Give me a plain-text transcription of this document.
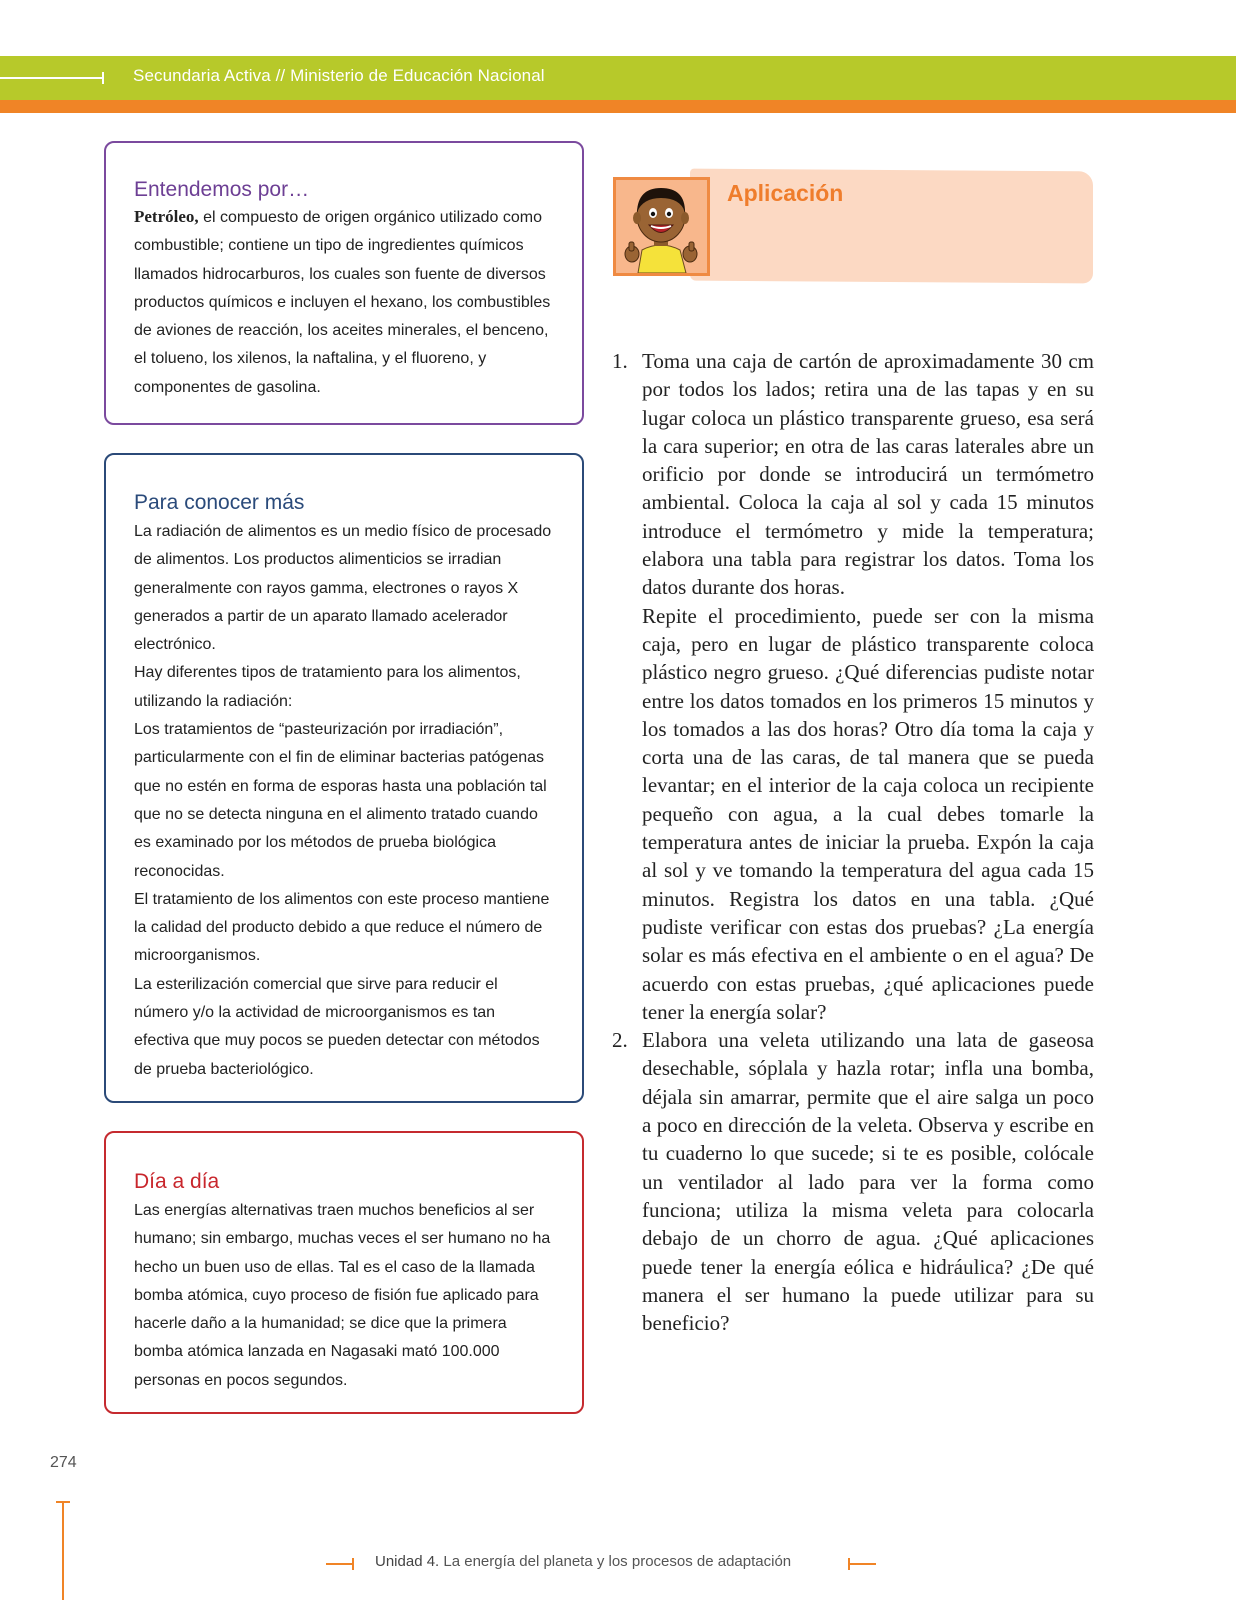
Secundaria Activa // Ministerio de Educación Nacional
Entendemos por…
Petróleo, el compuesto de origen orgánico utilizado como combustible; contiene un tipo de ingredientes químicos llamados hidrocarburos, los cuales son fuente de diversos productos químicos e incluyen el hexano, los combustibles de aviones de reacción, los aceites minerales, el benceno, el tolueno, los xilenos, la naftalina, y el fluoreno, y componentes de gasolina.
Para conocer más
La radiación de alimentos es un medio físico de procesado de alimentos. Los productos alimenticios se irradian generalmente con rayos gamma, electrones o rayos X generados a partir de un aparato llamado acelerador electrónico.
Hay diferentes tipos de tratamiento para los alimentos, utilizando la radiación:
Los tratamientos de “pasteurización por irradiación”, particularmente con el fin de eliminar bacterias patógenas que no estén en forma de esporas hasta una población tal que no se detecta ninguna en el alimento tratado cuando es examinado por los métodos de prueba biológica reconocidas.
El tratamiento de los alimentos con este proceso mantiene la calidad del producto debido a que reduce el número de microorganismos.
La esterilización comercial que sirve para reducir el número y/o la actividad de microorganismos es tan efectiva que muy pocos se pueden detectar con métodos de prueba bacteriológico.
Día a día
Las energías alternativas traen muchos beneficios al ser humano; sin embargo, muchas veces el ser humano no ha hecho un buen uso de ellas. Tal es el caso de la llamada bomba atómica, cuyo proceso de fisión fue aplicado para hacerle daño a la humanidad; se dice que la primera bomba atómica lanzada en Nagasaki mató 100.000 personas en pocos segundos.
Aplicación
1. Toma una caja de cartón de aproximadamente 30 cm por todos los lados; retira una de las tapas y en su lugar coloca un plástico transparente grueso, esa será la cara superior; en otra de las caras laterales abre un orificio por donde se introducirá un termómetro ambiental. Coloca la caja al sol y cada 15 minutos introduce el termómetro y mide la temperatura; elabora una tabla para registrar los datos. Toma los datos durante dos horas.

Repite el procedimiento, puede ser con la misma caja, pero en lugar de plástico transparente coloca plástico negro grueso. ¿Qué diferencias pudiste notar entre los datos tomados en los primeros 15 minutos y los tomados a las dos horas? Otro día toma la caja y corta una de las caras, de tal manera que se pueda levantar; en el interior de la caja coloca un recipiente pequeño con agua, a la cual debes tomarle la temperatura antes de iniciar la prueba. Expón la caja al sol y ve tomando la temperatura del agua cada 15 minutos. Registra los datos en una tabla. ¿Qué pudiste verificar con estas dos pruebas? ¿La energía solar es más efectiva en el ambiente o en el agua? De acuerdo con estas pruebas, ¿qué aplicaciones puede tener la energía solar?

2. Elabora una veleta utilizando una lata de gaseosa desechable, sóplala y hazla rotar; infla una bomba, déjala sin amarrar, permite que el aire salga un poco a poco en dirección de la veleta. Observa y escribe en tu cuaderno lo que sucede; si te es posible, colócale un ventilador al lado para ver la forma como funciona; utiliza la misma veleta para colocarla debajo de un chorro de agua. ¿Qué aplicaciones puede tener la energía eólica e hidráulica? ¿De qué manera el ser humano la puede utilizar para su beneficio?

274
Unidad 4. La energía del planeta y los procesos de adaptación
